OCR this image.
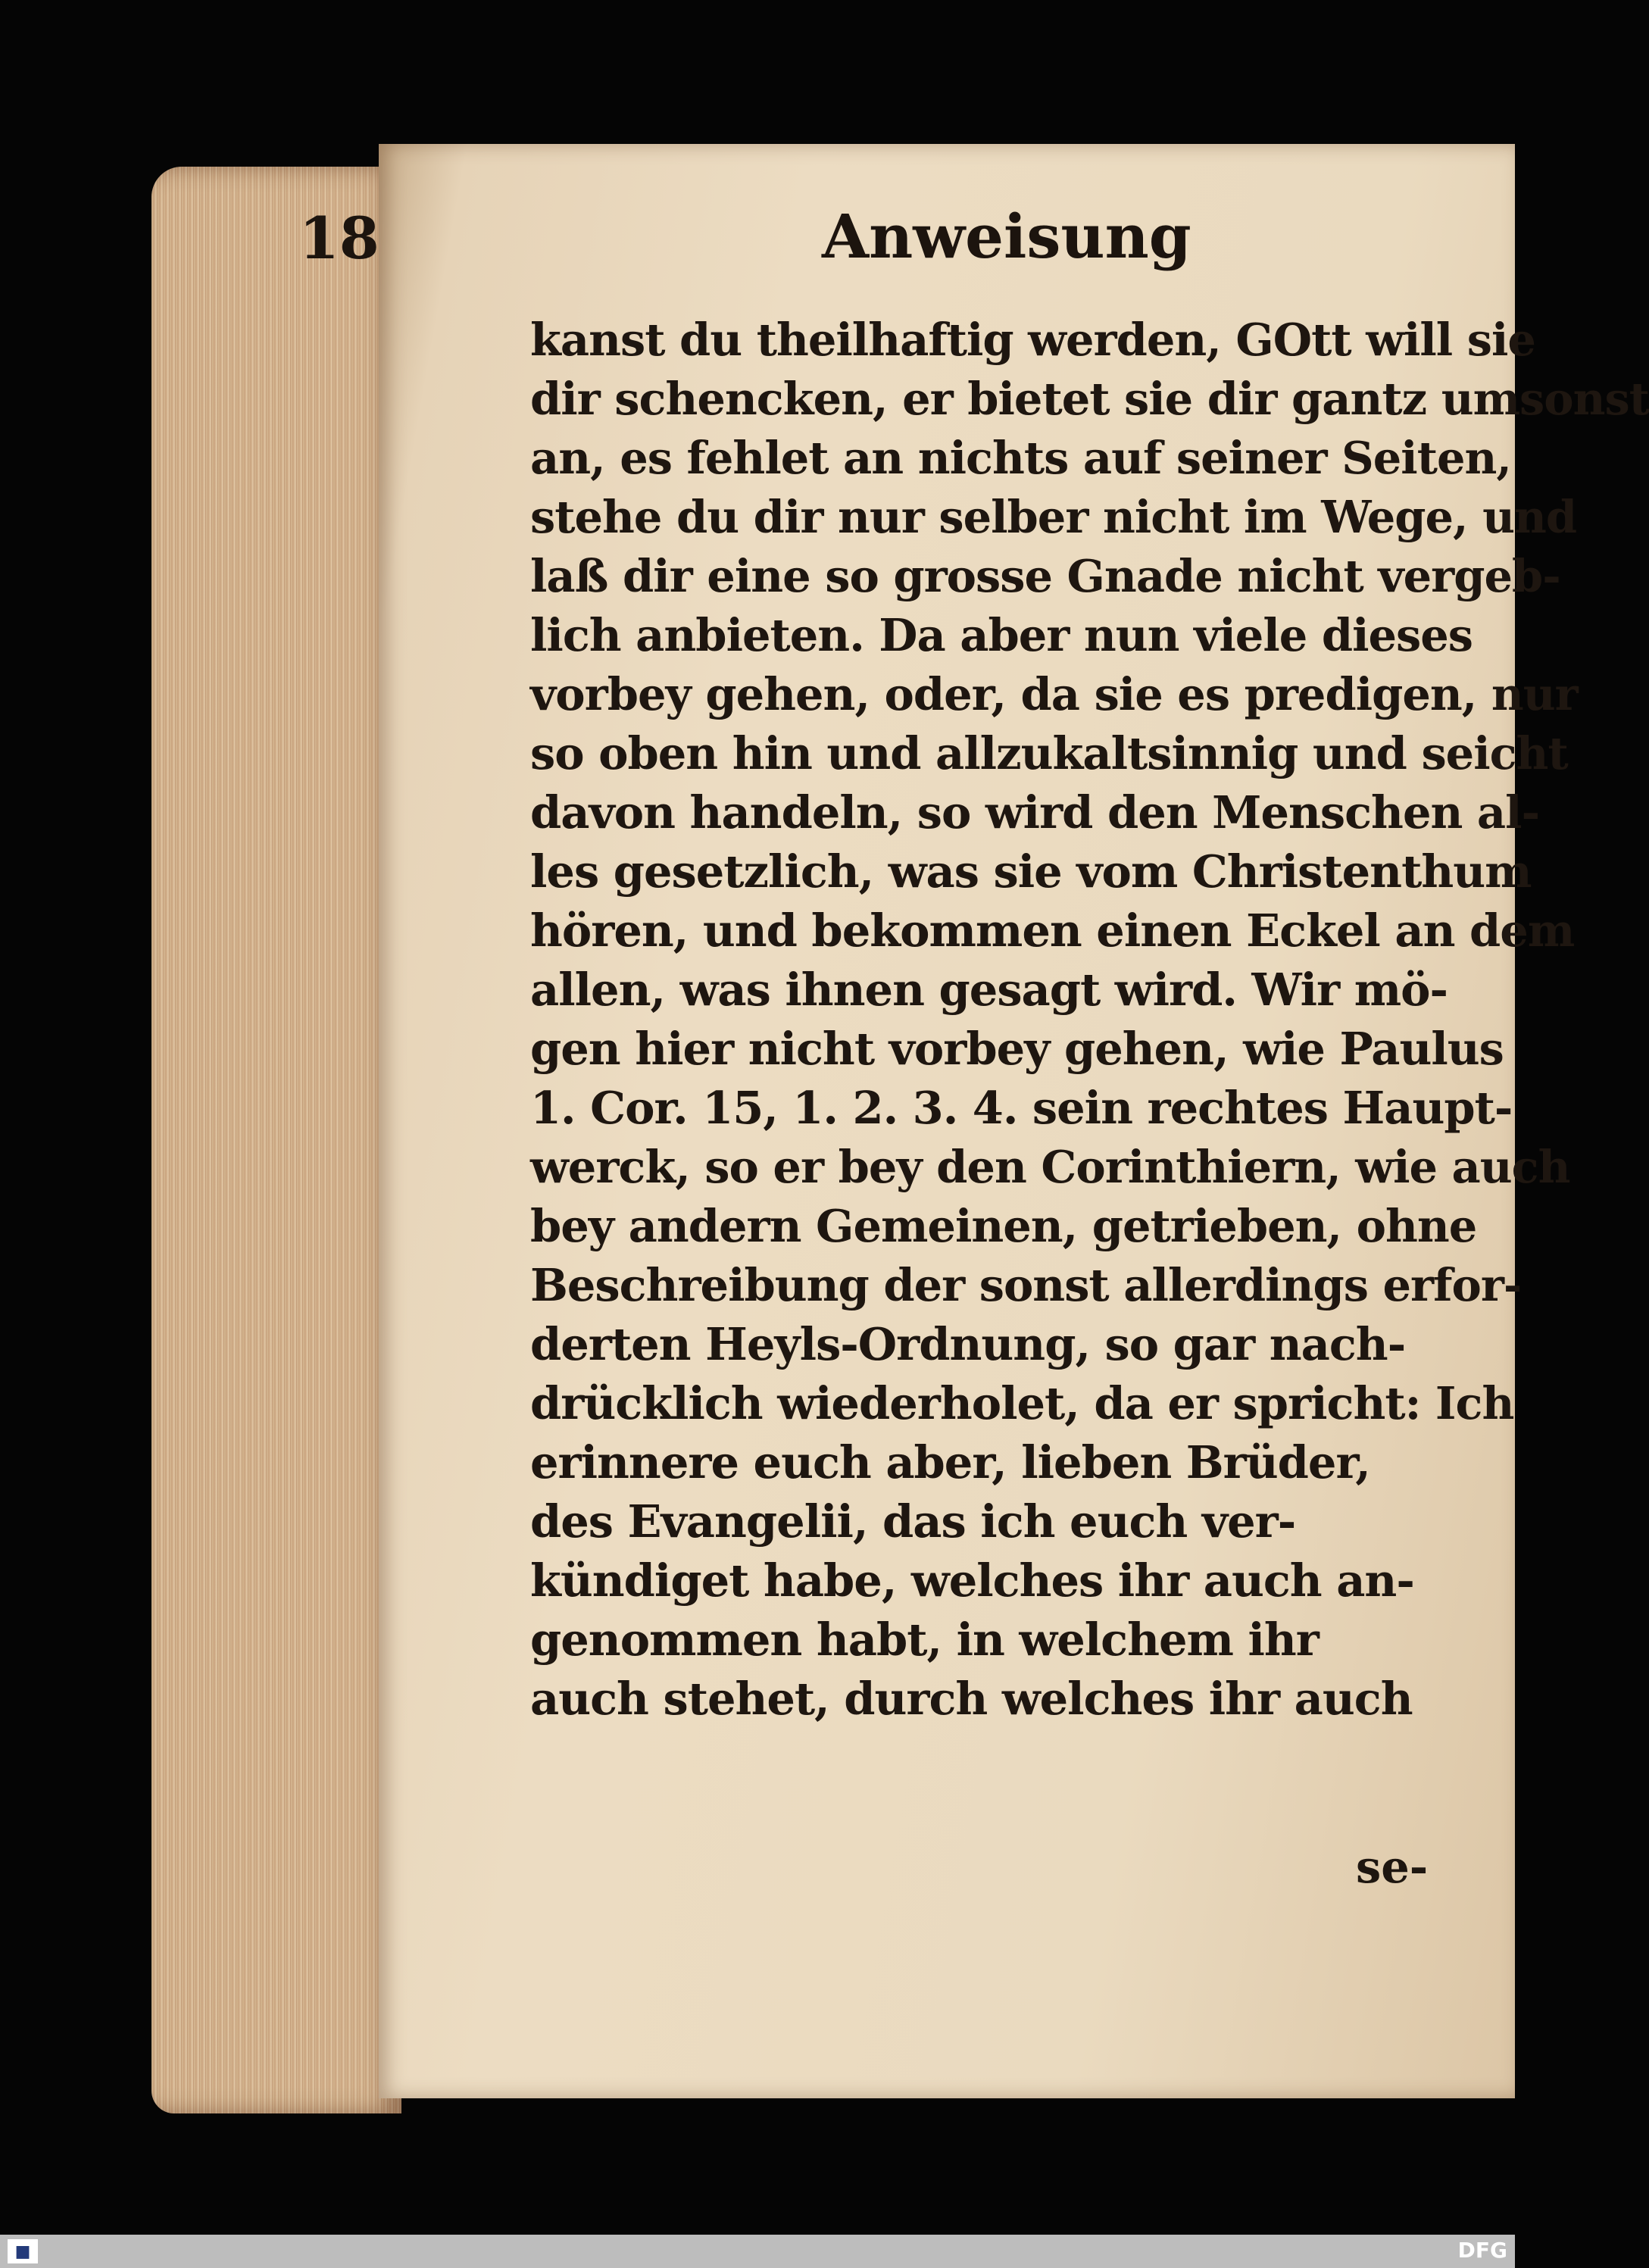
18	Anweisung
kanst du theilhaftig werden, GOtt will sie
dir schencken, er bietet sie dir gantz umsonst
an, es fehlet an nichts auf seiner Seiten,
stehe du dir nur selber nicht im Wege, und
laß dir eine so grosse Gnade nicht vergeb-
lich anbieten. Da aber nun viele dieses
vorbey gehen, oder, da sie es predigen, nur
so oben hin und allzukaltsinnig und seicht
davon handeln, so wird den Menschen al-
les gesetzlich, was sie vom Christenthum
hören, und bekommen einen Eckel an dem
allen, was ihnen gesagt wird. Wir mö-
gen hier nicht vorbey gehen, wie Paulus
1. Cor. 15, 1. 2. 3. 4. sein rechtes Haupt-
werck, so er bey den Corinthiern, wie auch
bey andern Gemeinen, getrieben, ohne
Beschreibung der sonst allerdings erfor-
derten Heyls-Ordnung, so gar nach-
drücklich wiederholet, da er spricht: Ich
erinnere euch aber, lieben Brüder,
des Evangelii, das ich euch ver-
kündiget habe, welches ihr auch an-
genommen habt, in welchem ihr
auch stehet, durch welches ihr auch
se-
■	DFG
